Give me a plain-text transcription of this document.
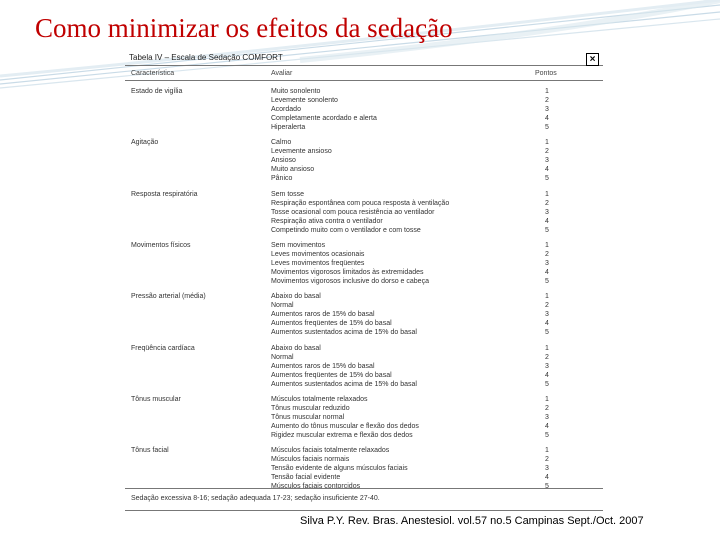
Como minimizar os efeitos da sedação
Tabela IV – Escala de Sedação COMFORT
Característica	Avaliar	Pontos
Estado de vigília	Muito sonolento	1
Levemente sonolento	2
Acordado	3
Completamente acordado e alerta	4
Hiperalerta	5
Agitação	Calmo	1
Levemente ansioso	2
Ansioso	3
Muito ansioso	4
Pânico	5
Resposta respiratória	Sem tosse	1
Respiração espontânea com pouca resposta à ventilação	2
Tosse ocasional com pouca resistência ao ventilador	3
Respiração ativa contra o ventilador	4
Competindo muito com o ventilador e com tosse	5
Movimentos físicos	Sem movimentos	1
Leves movimentos ocasionais	2
Leves movimentos freqüentes	3
Movimentos vigorosos limitados às extremidades	4
Movimentos vigorosos inclusive do dorso e cabeça	5
Pressão arterial (média)	Abaixo do basal	1
Normal	2
Aumentos raros de 15% do basal	3
Aumentos freqüentes de 15% do basal	4
Aumentos sustentados acima de 15% do basal	5
Freqüência cardíaca	Abaixo do basal	1
Normal	2
Aumentos raros de 15% do basal	3
Aumentos freqüentes de 15% do basal	4
Aumentos sustentados acima de 15% do basal	5
Tônus muscular	Músculos totalmente relaxados	1
Tônus muscular reduzido	2
Tônus muscular normal	3
Aumento do tônus muscular e flexão dos dedos	4
Rigidez muscular extrema e flexão dos dedos	5
Tônus facial	Músculos faciais totalmente relaxados	1
Músculos faciais normais	2
Tensão evidente de alguns músculos faciais	3
Tensão facial evidente	4
Músculos faciais contorcidos	5
Sedação excessiva 8-16; sedação adequada 17-23; sedação insuficiente 27-40.
×
Silva P.Y. Rev. Bras. Anestesiol. vol.57 no.5 Campinas Sept./Oct. 2007
